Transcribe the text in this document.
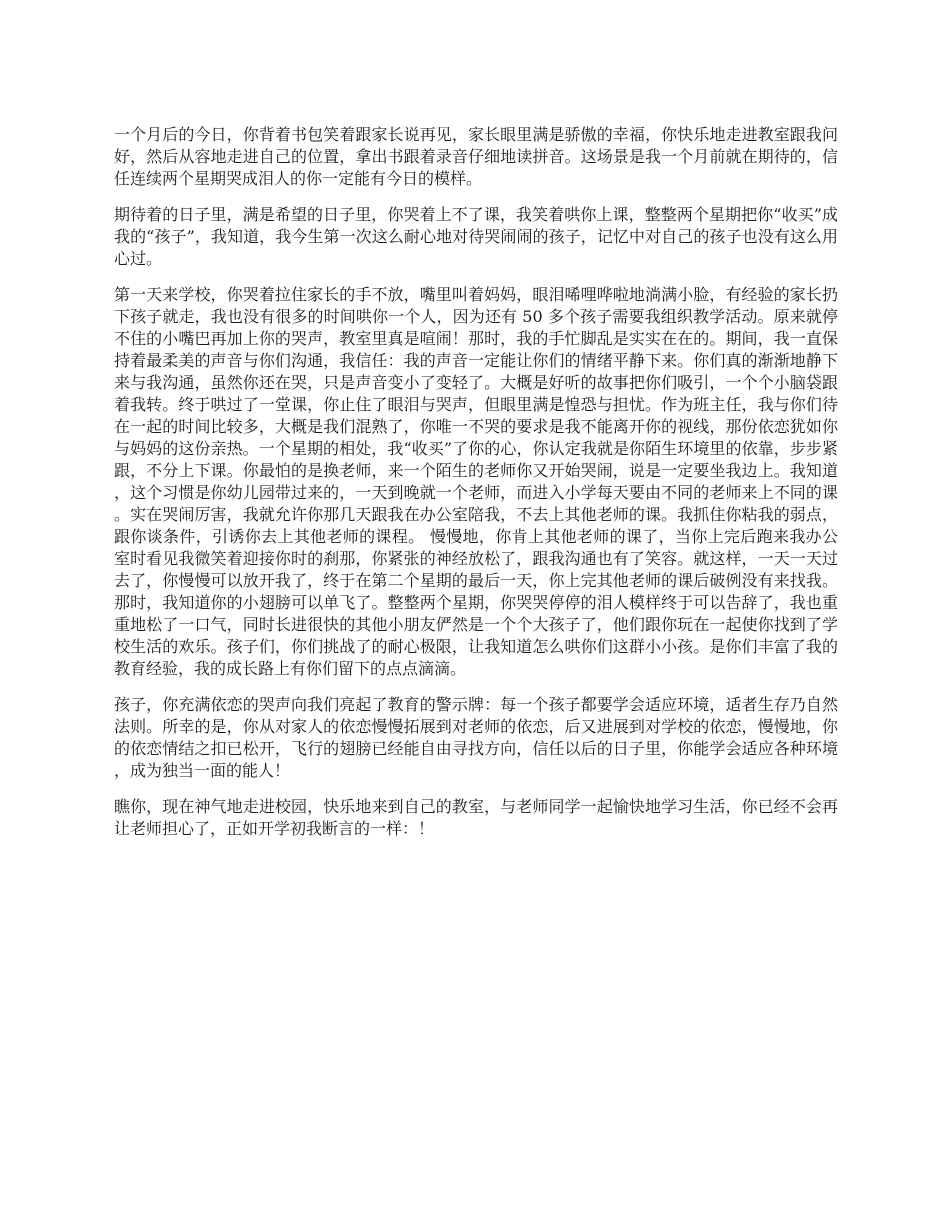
一个月后的今日，你背着书包笑着跟家长说再见，家长眼里满是骄傲的幸福，你快乐地走进教室跟我问好，然后从容地走进自己的位置，拿出书跟着录音仔细地读拼音。这场景是我一个月前就在期待的，信任连续两个星期哭成泪人的你一定能有今日的模样。

期待着的日子里，满是希望的日子里，你哭着上不了课，我笑着哄你上课，整整两个星期把你“收买”成我的“孩子”，我知道，我今生第一次这么耐心地对待哭闹闹的孩子，记忆中对自己的孩子也没有这么用心过。

第一天来学校，你哭着拉住家长的手不放，嘴里叫着妈妈，眼泪唏哩哗啦地淌满小脸，有经验的家长扔下孩子就走，我也没有很多的时间哄你一个人，因为还有 50 多个孩子需要我组织教学活动。原来就停不住的小嘴巴再加上你的哭声，教室里真是喧闹！那时，我的手忙脚乱是实实在在的。期间，我一直保持着最柔美的声音与你们沟通，我信任：我的声音一定能让你们的情绪平静下来。你们真的渐渐地静下来与我沟通，虽然你还在哭，只是声音变小了变轻了。大概是好听的故事把你们吸引，一个个小脑袋跟着我转。终于哄过了一堂课，你止住了眼泪与哭声，但眼里满是惶恐与担忧。作为班主任，我与你们待在一起的时间比较多，大概是我们混熟了，你唯一不哭的要求是我不能离开你的视线，那份依恋犹如你与妈妈的这份亲热。一个星期的相处，我“收买”了你的心，你认定我就是你陌生环境里的依靠，步步紧跟，不分上下课。你最怕的是换老师，来一个陌生的老师你又开始哭闹，说是一定要坐我边上。我知道，这个习惯是你幼儿园带过来的，一天到晚就一个老师，而进入小学每天要由不同的老师来上不同的课。实在哭闹厉害，我就允许你那几天跟我在办公室陪我，不去上其他老师的课。我抓住你粘我的弱点，跟你谈条件，引诱你去上其他老师的课程。 慢慢地，你肯上其他老师的课了，当你上完后跑来我办公室时看见我微笑着迎接你时的刹那，你紧张的神经放松了，跟我沟通也有了笑容。就这样，一天一天过去了，你慢慢可以放开我了，终于在第二个星期的最后一天，你上完其他老师的课后破例没有来找我。那时，我知道你的小翅膀可以单飞了。整整两个星期，你哭哭停停的泪人模样终于可以告辞了，我也重重地松了一口气，同时长进很快的其他小朋友俨然是一个个大孩子了，他们跟你玩在一起使你找到了学校生活的欢乐。孩子们，你们挑战了的耐心极限，让我知道怎么哄你们这群小小孩。是你们丰富了我的教育经验，我的成长路上有你们留下的点点滴滴。

孩子，你充满依恋的哭声向我们亮起了教育的警示牌：每一个孩子都要学会适应环境，适者生存乃自然法则。所幸的是，你从对家人的依恋慢慢拓展到对老师的依恋，后又进展到对学校的依恋，慢慢地，你的依恋情结之扣已松开，飞行的翅膀已经能自由寻找方向，信任以后的日子里，你能学会适应各种环境，成为独当一面的能人！

瞧你，现在神气地走进校园，快乐地来到自己的教室，与老师同学一起愉快地学习生活，你已经不会再让老师担心了，正如开学初我断言的一样：！
